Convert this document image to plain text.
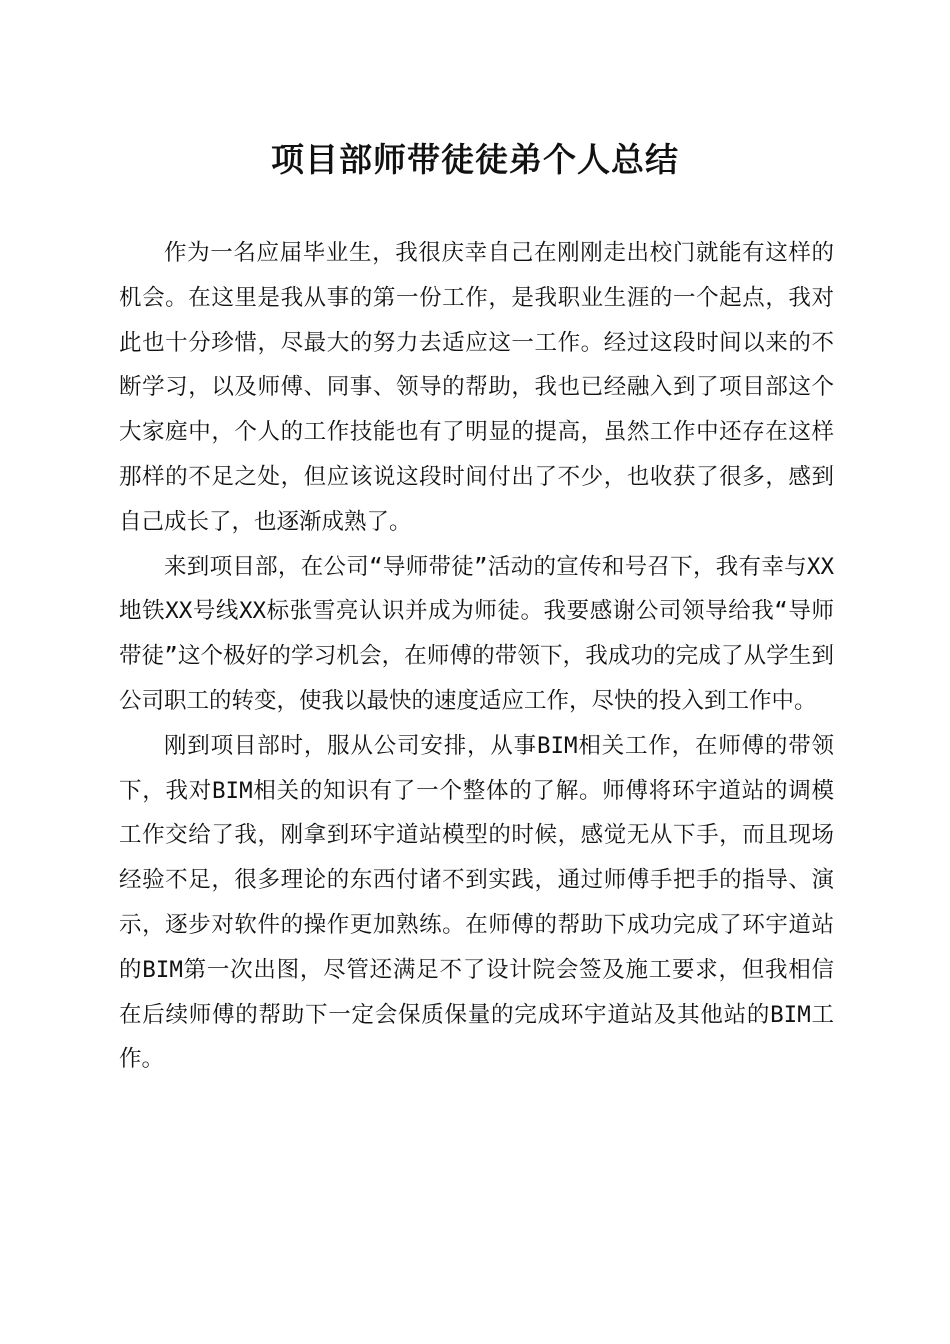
项目部师带徒徒弟个人总结

作为一名应届毕业生，我很庆幸自己在刚刚走出校门就能有这样的机会。在这里是我从事的第一份工作，是我职业生涯的一个起点，我对此也十分珍惜，尽最大的努力去适应这一工作。经过这段时间以来的不断学习，以及师傅、同事、领导的帮助，我也已经融入到了项目部这个大家庭中，个人的工作技能也有了明显的提高，虽然工作中还存在这样那样的不足之处，但应该说这段时间付出了不少，也收获了很多，感到自己成长了，也逐渐成熟了。

来到项目部，在公司“导师带徒”活动的宣传和号召下，我有幸与XX地铁XX号线XX标张雪亮认识并成为师徒。我要感谢公司领导给我“导师带徒”这个极好的学习机会，在师傅的带领下，我成功的完成了从学生到公司职工的转变，使我以最快的速度适应工作，尽快的投入到工作中。

刚到项目部时，服从公司安排，从事BIM相关工作，在师傅的带领下，我对BIM相关的知识有了一个整体的了解。师傅将环宇道站的调模工作交给了我，刚拿到环宇道站模型的时候，感觉无从下手，而且现场经验不足，很多理论的东西付诸不到实践，通过师傅手把手的指导、演示，逐步对软件的操作更加熟练。在师傅的帮助下成功完成了环宇道站的BIM第一次出图，尽管还满足不了设计院会签及施工要求，但我相信在后续师傅的帮助下一定会保质保量的完成环宇道站及其他站的BIM工作。
